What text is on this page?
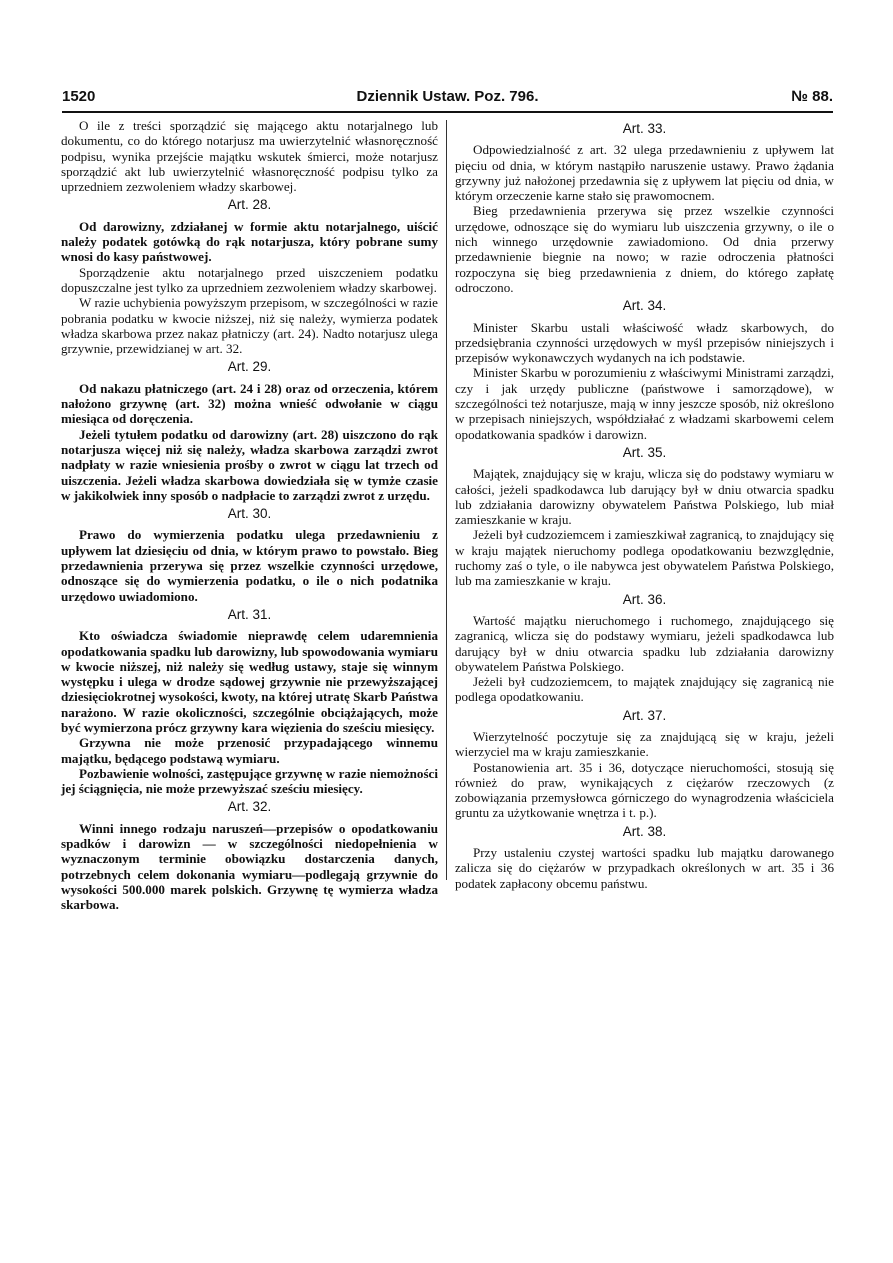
1520	Dziennik Ustaw. Poz. 796.	№ 88.

O ile z treści sporządzić się mającego aktu notarjalnego lub dokumentu, co do którego notarjusz ma uwierzytelnić własnoręczność podpisu, wynika przejście majątku wskutek śmierci, może notarjusz sporządzić akt lub uwierzytelnić własnoręczność podpisu tylko za uprzedniem zezwoleniem władzy skarbowej.

Art. 28.

Od darowizny, zdziałanej w formie aktu notarjalnego, uiścić należy podatek gotówką do rąk notarjusza, który pobrane sumy wnosi do kasy państwowej.

Sporządzenie aktu notarjalnego przed uiszczeniem podatku dopuszczalne jest tylko za uprzedniem zezwoleniem władzy skarbowej.

W razie uchybienia powyższym przepisom, w szczególności w razie pobrania podatku w kwocie niższej, niż się należy, wymierza podatek władza skarbowa przez nakaz płatniczy (art. 24). Nadto notarjusz ulega grzywnie, przewidzianej w art. 32.

Art. 29.

Od nakazu płatniczego (art. 24 i 28) oraz od orzeczenia, którem nałożono grzywnę (art. 32) można wnieść odwołanie w ciągu miesiąca od doręczenia.

Jeżeli tytułem podatku od darowizny (art. 28) uiszczono do rąk notarjusza więcej niż się należy, władza skarbowa zarządzi zwrot nadpłaty w razie wniesienia prośby o zwrot w ciągu lat trzech od uiszczenia. Jeżeli władza skarbowa dowiedziała się w tymże czasie w jakikolwiek inny sposób o nadpłacie to zarządzi zwrot z urzędu.

Art. 30.

Prawo do wymierzenia podatku ulega przedawnieniu z upływem lat dziesięciu od dnia, w którym prawo to powstało. Bieg przedawnienia przerywa się przez wszelkie czynności urzędowe, odnoszące się do wymierzenia podatku, o ile o nich podatnika urzędowo uwiadomiono.

Art. 31.

Kto oświadcza świadomie nieprawdę celem udaremnienia opodatkowania spadku lub darowizny, lub spowodowania wymiaru w kwocie niższej, niż należy się według ustawy, staje się winnym występku i ulega w drodze sądowej grzywnie nie przewyższającej dziesięciokrotnej wysokości, kwoty, na której utratę Skarb Państwa narażono. W razie okoliczności, szczególnie obciążających, może być wymierzona prócz grzywny kara więzienia do sześciu miesięcy.

Grzywna nie może przenosić przypadającego winnemu majątku, będącego podstawą wymiaru.

Pozbawienie wolności, zastępujące grzywnę w razie niemożności jej ściągnięcia, nie może przewyższać sześciu miesięcy.

Art. 32.

Winni innego rodzaju naruszeń—przepisów o opodatkowaniu spadków i darowizn — w szczególności niedopełnienia w wyznaczonym terminie obowiązku dostarczenia danych, potrzebnych celem dokonania wymiaru—podlegają grzywnie do wysokości 500.000 marek polskich. Grzywnę tę wymierza władza skarbowa.

Art. 33.

Odpowiedzialność z art. 32 ulega przedawnieniu z upływem lat pięciu od dnia, w którym nastąpiło naruszenie ustawy. Prawo żądania grzywny już nałożonej przedawnia się z upływem lat pięciu od dnia, w którym orzeczenie karne stało się prawomocnem.

Bieg przedawnienia przerywa się przez wszelkie czynności urzędowe, odnoszące się do wymiaru lub uiszczenia grzywny, o ile o nich winnego urzędownie zawiadomiono. Od dnia przerwy przedawnienie biegnie na nowo; w razie odroczenia płatności rozpoczyna się bieg przedawnienia z dniem, do którego zapłatę odroczono.

Art. 34.

Minister Skarbu ustali właściwość władz skarbowych, do przedsiębrania czynności urzędowych w myśl przepisów niniejszych i przepisów wykonawczych wydanych na ich podstawie.

Minister Skarbu w porozumieniu z właściwymi Ministrami zarządzi, czy i jak urzędy publiczne (państwowe i samorządowe), w szczególności też notarjusze, mają w inny jeszcze sposób, niż określono w przepisach niniejszych, współdziałać z władzami skarbowemi celem opodatkowania spadków i darowizn.

Art. 35.

Majątek, znajdujący się w kraju, wlicza się do podstawy wymiaru w całości, jeżeli spadkodawca lub darujący był w dniu otwarcia spadku lub zdziałania darowizny obywatelem Państwa Polskiego, lub miał zamieszkanie w kraju.

Jeżeli był cudzoziemcem i zamieszkiwał zagranicą, to znajdujący się w kraju majątek nieruchomy podlega opodatkowaniu bezwzględnie, ruchomy zaś o tyle, o ile nabywca jest obywatelem Państwa Polskiego, lub ma zamieszkanie w kraju.

Art. 36.

Wartość majątku nieruchomego i ruchomego, znajdującego się zagranicą, wlicza się do podstawy wymiaru, jeżeli spadkodawca lub darujący był w dniu otwarcia spadku lub zdziałania darowizny obywatelem Państwa Polskiego.

Jeżeli był cudzoziemcem, to majątek znajdujący się zagranicą nie podlega opodatkowaniu.

Art. 37.

Wierzytelność poczytuje się za znajdującą się w kraju, jeżeli wierzyciel ma w kraju zamieszkanie.

Postanowienia art. 35 i 36, dotyczące nieruchomości, stosują się również do praw, wynikających z ciężarów rzeczowych (z zobowiązania przemysłowca górniczego do wynagrodzenia właściciela gruntu za użytkowanie wnętrza i t. p.).

Art. 38.

Przy ustaleniu czystej wartości spadku lub majątku darowanego zalicza się do ciężarów w przypadkach określonych w art. 35 i 36 podatek zapłacony obcemu państwu.
